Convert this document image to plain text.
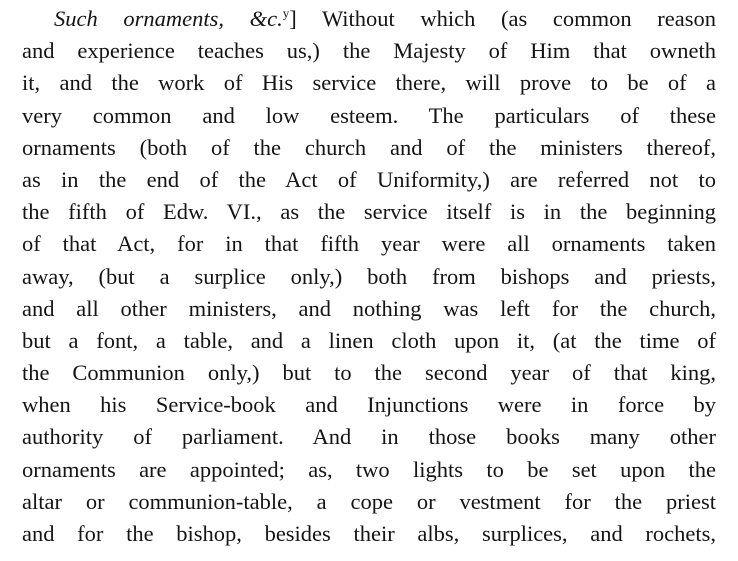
Such ornaments, &c.$^y$] Without which (as common reason
and experience teaches us,) the Majesty of Him that owneth
it, and the work of His service there, will prove to be of a
very common and low esteem. The particulars of these
ornaments (both of the church and of the ministers thereof,
as in the end of the Act of Uniformity,) are referred not to
the fifth of Edw. VI., as the service itself is in the beginning
of that Act, for in that fifth year were all ornaments taken
away, (but a surplice only,) both from bishops and priests,
and all other ministers, and nothing was left for the church,
but a font, a table, and a linen cloth upon it, (at the time of
the Communion only,) but to the second year of that king,
when his Service-book and Injunctions were in force by
authority of parliament. And in those books many other
ornaments are appointed; as, two lights to be set upon the
altar or communion-table, a cope or vestment for the priest
and for the bishop, besides their albs, surplices, and rochets,
